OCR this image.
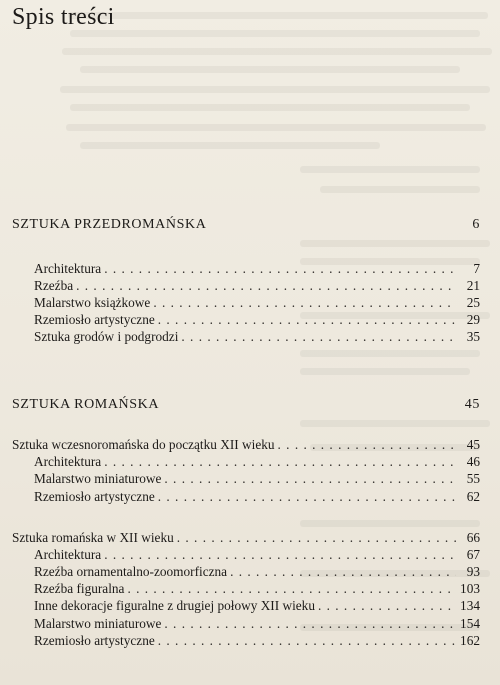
Spis treści
SZTUKA PRZEDROMAŃSKA	6
Architektura . . .	7
Rzeźba . . .	21
Malarstwo książkowe . . .	25
Rzemiosło artystyczne . . .	29
Sztuka grodów i podgrodzi . . .	35
SZTUKA ROMAŃSKA	45
Sztuka wczesnoromańska do początku XII wieku . . .	45
Architektura . . .	46
Malarstwo miniaturowe . . .	55
Rzemiosło artystyczne . . .	62
Sztuka romańska w XII wieku . . .	66
Architektura . . .	67
Rzeźba ornamentalno-zoomorficzna . . .	93
Rzeźba figuralna . . .	103
Inne dekoracje figuralne z drugiej połowy XII wieku . . .	134
Malarstwo miniaturowe . . .	154
Rzemiosło artystyczne . . .	162
